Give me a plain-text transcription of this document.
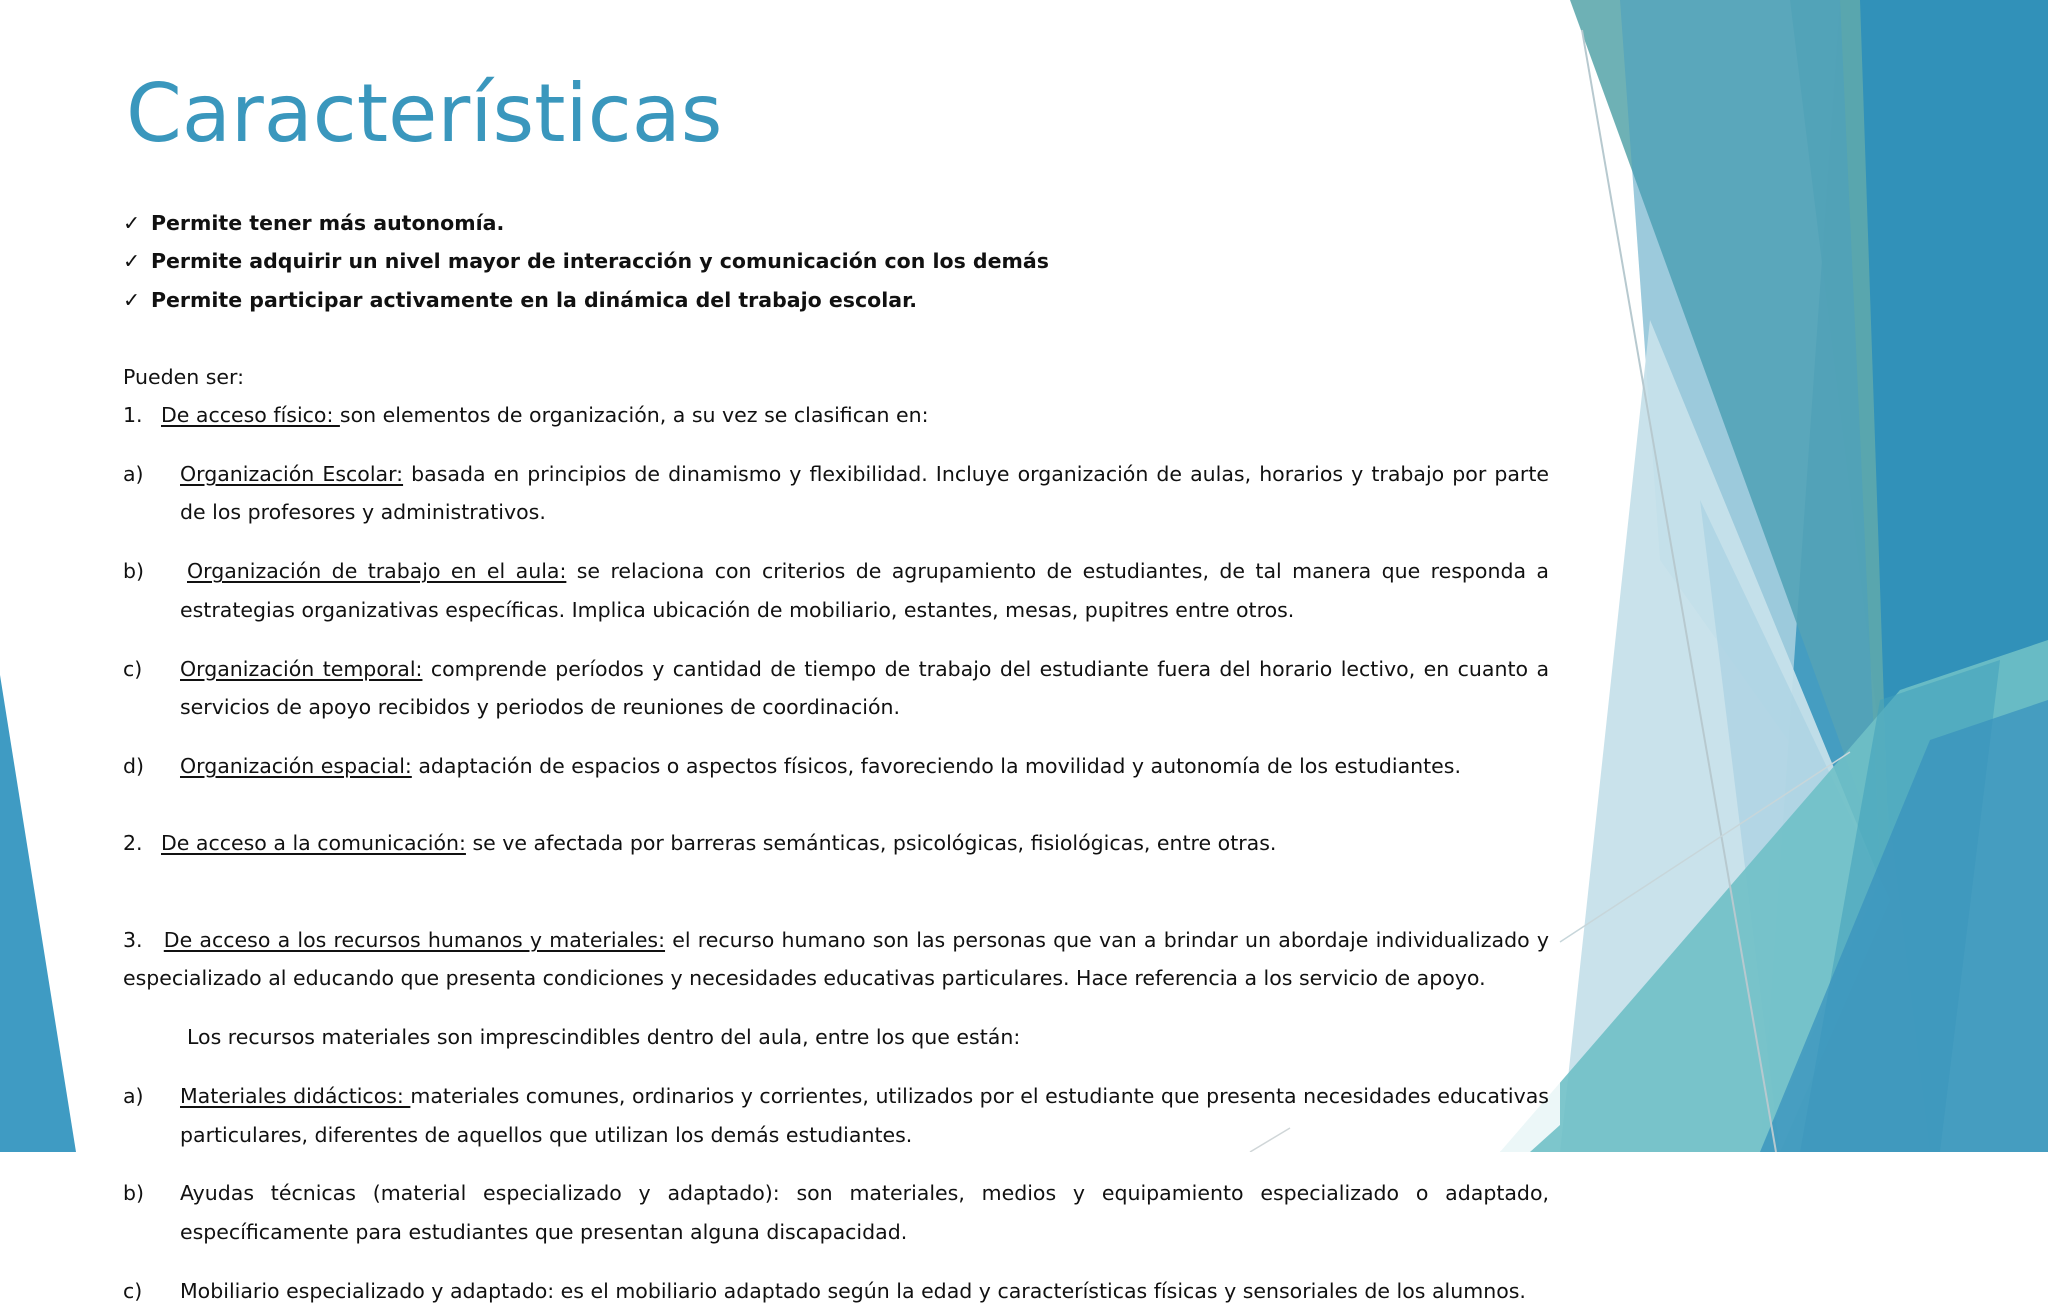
Características

✓ Permite tener más autonomía.

✓ Permite adquirir un nivel mayor de interacción y comunicación con los demás

✓ Permite participar activamente en la dinámica del trabajo escolar.

Pueden ser:

1. De acceso físico: son elementos de organización, a su vez se clasifican en:

a) Organización Escolar: basada en principios de dinamismo y flexibilidad. Incluye organización de aulas, horarios y trabajo por parte de los profesores y administrativos.

b) Organización de trabajo en el aula: se relaciona con criterios de agrupamiento de estudiantes, de tal manera que responda a estrategias organizativas específicas. Implica ubicación de mobiliario, estantes, mesas, pupitres entre otros.

c) Organización temporal: comprende períodos y cantidad de tiempo de trabajo del estudiante fuera del horario lectivo, en cuanto a servicios de apoyo recibidos y periodos de reuniones de coordinación.

d) Organización espacial: adaptación de espacios o aspectos físicos, favoreciendo la movilidad y autonomía de los estudiantes.

2. De acceso a la comunicación: se ve afectada por barreras semánticas, psicológicas, fisiológicas, entre otras.

3. De acceso a los recursos humanos y materiales: el recurso humano son las personas que van a brindar un abordaje individualizado y especializado al educando que presenta condiciones y necesidades educativas particulares. Hace referencia a los servicio de apoyo.

Los recursos materiales son imprescindibles dentro del aula, entre los que están:

a) Materiales didácticos: materiales comunes, ordinarios y corrientes, utilizados por el estudiante que presenta necesidades educativas particulares, diferentes de aquellos que utilizan los demás estudiantes.

b) Ayudas técnicas (material especializado y adaptado): son materiales, medios y equipamiento especializado o adaptado, específicamente para estudiantes que presentan alguna discapacidad.

c) Mobiliario especializado y adaptado: es el mobiliario adaptado según la edad y características físicas y sensoriales de los alumnos.
